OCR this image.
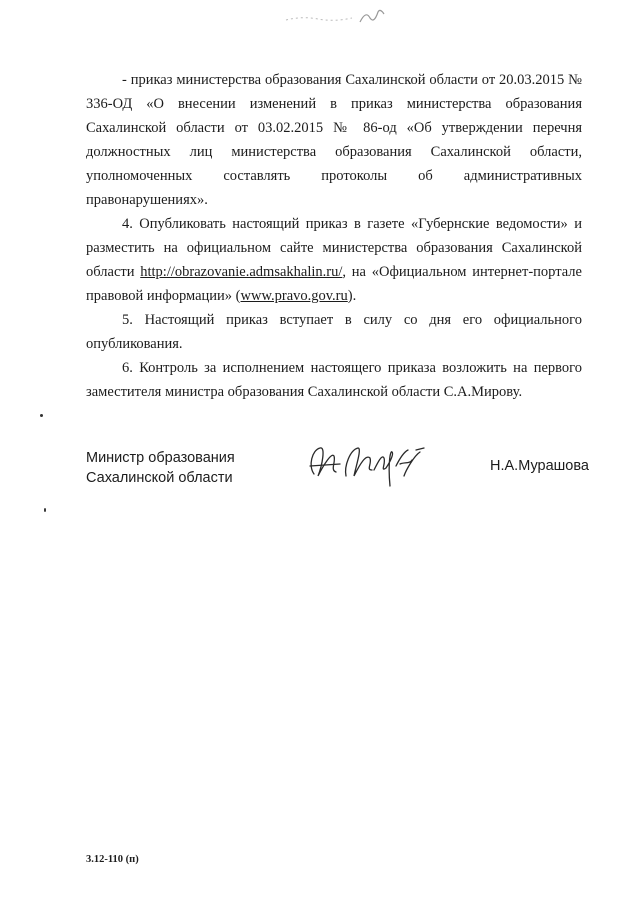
- приказ министерства образования Сахалинской области от 20.03.2015 № 336-ОД «О внесении изменений в приказ министерства образования Сахалинской области от 03.02.2015 № 86-од «Об утверждении перечня должностных лиц министерства образования Сахалинской области, уполномоченных составлять протоколы об административных правонарушениях».

4. Опубликовать настоящий приказ в газете «Губернские ведомости» и разместить на официальном сайте министерства образования Сахалинской области http://obrazovanie.admsakhalin.ru/, на «Официальном интернет-портале правовой информации» (www.pravo.gov.ru).

5. Настоящий приказ вступает в силу со дня его официального опубликования.

6. Контроль за исполнением настоящего приказа возложить на первого заместителя министра образования Сахалинской области С.А.Мирову.

Министр образования
Сахалинской области
Н.А.Мурашова
3.12-110 (п)
